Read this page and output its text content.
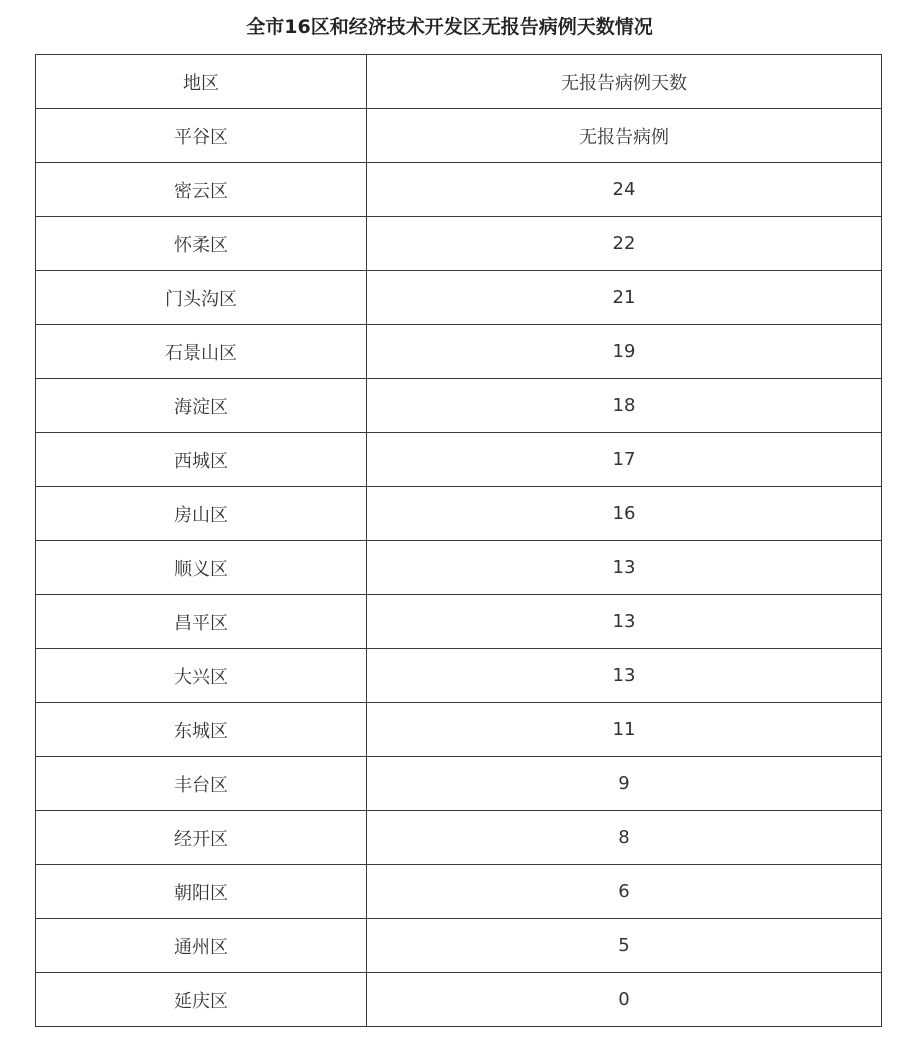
全市16区和经济技术开发区无报告病例天数情况
地区	无报告病例天数
平谷区	无报告病例
密云区	24
怀柔区	22
门头沟区	21
石景山区	19
海淀区	18
西城区	17
房山区	16
顺义区	13
昌平区	13
大兴区	13
东城区	11
丰台区	9
经开区	8
朝阳区	6
通州区	5
延庆区	0
